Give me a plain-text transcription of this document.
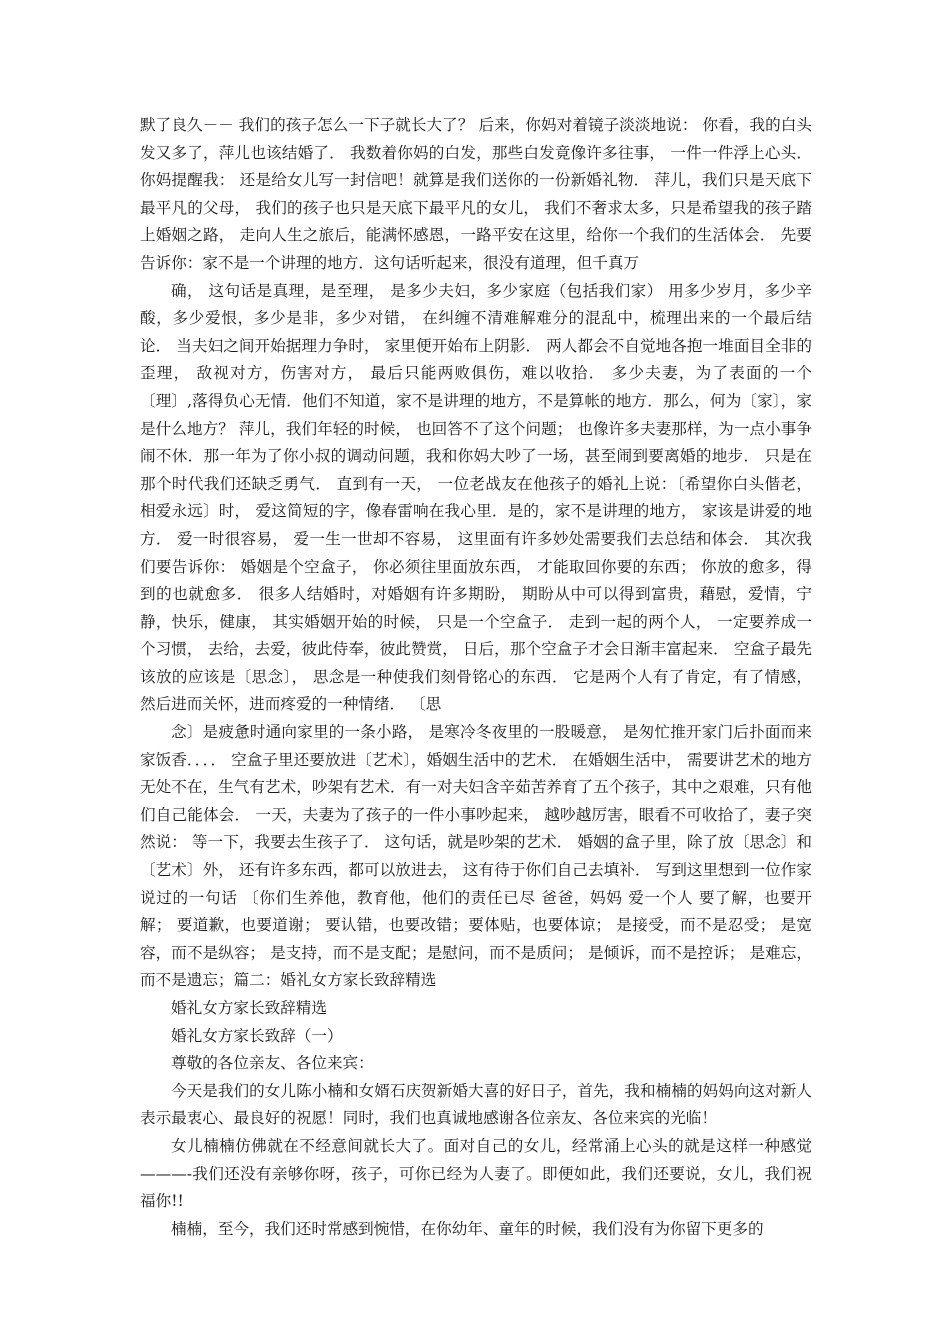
默了良久－－ 我们的孩子怎么一下子就长大了？ 后来，你妈对着镜子淡淡地说： 你看，我的白头发又多了，萍儿也该结婚了． 我数着你妈的白发，那些白发竟像许多往事， 一件一件浮上心头．你妈提醒我： 还是给女儿写一封信吧！就算是我们送你的一份新婚礼物． 萍儿，我们只是天底下最平凡的父母， 我们的孩子也只是天底下最平凡的女儿， 我们不奢求太多，只是希望我的孩子踏上婚姻之路， 走向人生之旅后，能满怀感恩，一路平安在这里，给你一个我们的生活体会． 先要告诉你：家不是一个讲理的地方．这句话听起来，很没有道理，但千真万

确， 这句话是真理，是至理， 是多少夫妇，多少家庭（包括我们家） 用多少岁月，多少辛酸，多少爱恨，多少是非，多少对错， 在纠缠不清难解难分的混乱中，梳理出来的一个最后结论． 当夫妇之间开始据理力争时， 家里便开始布上阴影． 两人都会不自觉地各抱一堆面目全非的歪理， 敌视对方，伤害对方， 最后只能两败俱伤，难以收拾． 多少夫妻，为了表面的一个〔理〕,落得负心无情．他们不知道，家不是讲理的地方，不是算帐的地方．那么，何为〔家〕，家是什么地方？ 萍儿，我们年轻的时候， 也回答不了这个问题； 也像许多夫妻那样，为一点小事争闹不休．那一年为了你小叔的调动问题，我和你妈大吵了一场，甚至闹到要离婚的地步． 只是在那个时代我们还缺乏勇气． 直到有一天， 一位老战友在他孩子的婚礼上说：〔希望你白头偕老，相爱永远〕时， 爱这简短的字，像春雷响在我心里．是的，家不是讲理的地方， 家该是讲爱的地方． 爱一时很容易， 爱一生一世却不容易， 这里面有许多妙处需要我们去总结和体会． 其次我们要告诉你： 婚姻是个空盒子， 你必须往里面放东西， 才能取回你要的东西； 你放的愈多，得到的也就愈多． 很多人结婚时，对婚姻有许多期盼， 期盼从中可以得到富贵，藉慰，爱情，宁静，快乐，健康， 其实婚姻开始的时候， 只是一个空盒子． 走到一起的两个人， 一定要养成一个习惯， 去给，去爱，彼此侍奉，彼此赞赏， 日后，那个空盒子才会日渐丰富起来． 空盒子最先该放的应该是〔思念〕， 思念是一种使我们刻骨铭心的东西． 它是两个人有了肯定，有了情感， 然后进而关怀，进而疼爱的一种情绪． 〔思

念〕是疲惫时通向家里的一条小路， 是寒冷冬夜里的一股暖意， 是匆忙推开家门后扑面而来家饭香．．．． 空盒子里还要放进〔艺术〕，婚姻生活中的艺术． 在婚姻生活中， 需要讲艺术的地方无处不在，生气有艺术，吵架有艺术．有一对夫妇含辛茹苦养育了五个孩子，其中之艰难，只有他们自己能体会． 一天，夫妻为了孩子的一件小事吵起来， 越吵越厉害，眼看不可收拾了，妻子突然说： 等一下，我要去生孩子了． 这句话，就是吵架的艺术． 婚姻的盒子里，除了放〔思念〕和〔艺术〕外， 还有许多东西，都可以放进去， 这有待于你们自己去填补． 写到这里想到一位作家说过的一句话 〔你们生养他，教育他，他们的责任已尽 爸爸，妈妈 爱一个人 要了解，也要开解； 要道歉，也要道谢； 要认错，也要改错；要体贴，也要体谅； 是接受，而不是忍受； 是宽容，而不是纵容； 是支持，而不是支配；是慰问，而不是质问； 是倾诉，而不是控诉； 是难忘，而不是遗忘；篇二：婚礼女方家长致辞精选

婚礼女方家长致辞精选

婚礼女方家长致辞（一）

尊敬的各位亲友、各位来宾：

今天是我们的女儿陈小楠和女婿石庆贺新婚大喜的好日子，首先，我和楠楠的妈妈向这对新人表示最衷心、最良好的祝愿！同时，我们也真诚地感谢各位亲友、各位来宾的光临！

女儿楠楠仿佛就在不经意间就长大了。面对自己的女儿，经常涌上心头的就是这样一种感觉———-我们还没有亲够你呀，孩子，可你已经为人妻了。即便如此，我们还要说，女儿，我们祝福你!!

楠楠，至今，我们还时常感到惋惜，在你幼年、童年的时候，我们没有为你留下更多的
